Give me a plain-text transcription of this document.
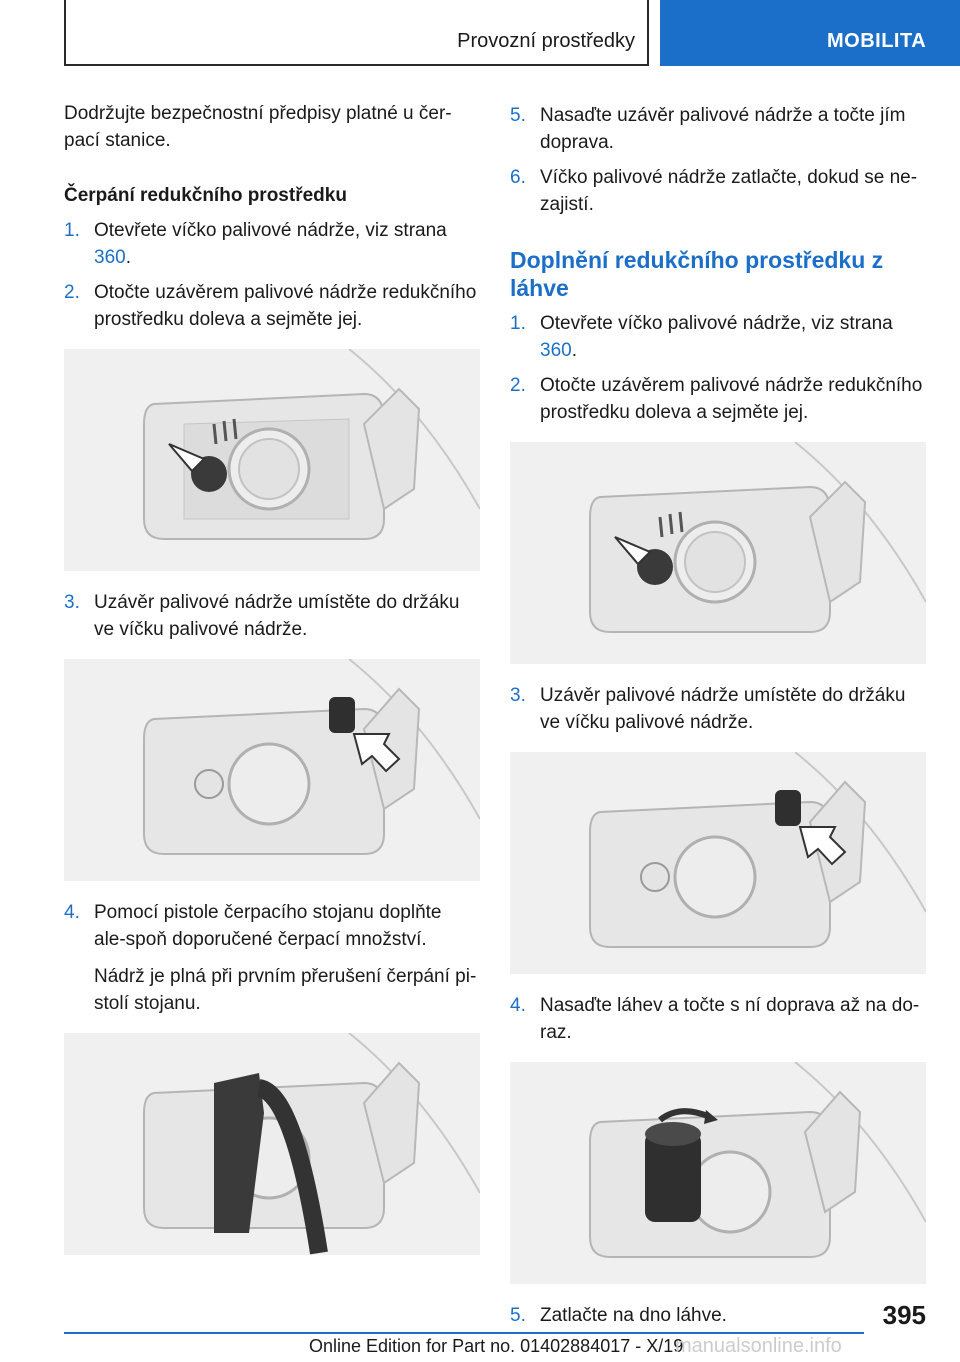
Provozní prostředky	MOBILITA

Dodržujte bezpečnostní předpisy platné u čer-pací stanice.

Čerpání redukčního prostředku
1. Otevřete víčko palivové nádrže, viz strana 360.
2. Otočte uzávěrem palivové nádrže redukčního prostředku doleva a sejměte jej.
3. Uzávěr palivové nádrže umístěte do držáku ve víčku palivové nádrže.
4. Pomocí pistole čerpacího stojanu doplňte ale-spoň doporučené čerpací množství.

Nádrž je plná při prvním přerušení čerpání pi-stolí stojanu.

5. Nasaďte uzávěr palivové nádrže a točte jím doprava.
6. Víčko palivové nádrže zatlačte, dokud se ne-zajistí.
Doplnění redukčního prostředku z láhve
1. Otevřete víčko palivové nádrže, viz strana 360.
2. Otočte uzávěrem palivové nádrže redukčního prostředku doleva a sejměte jej.
3. Uzávěr palivové nádrže umístěte do držáku ve víčku palivové nádrže.
4. Nasaďte láhev a točte s ní doprava až na do-raz.
5. Zatlačte na dno láhve.	395
Online Edition for Part no. 01402884017 - X/19
manualsonline.info
